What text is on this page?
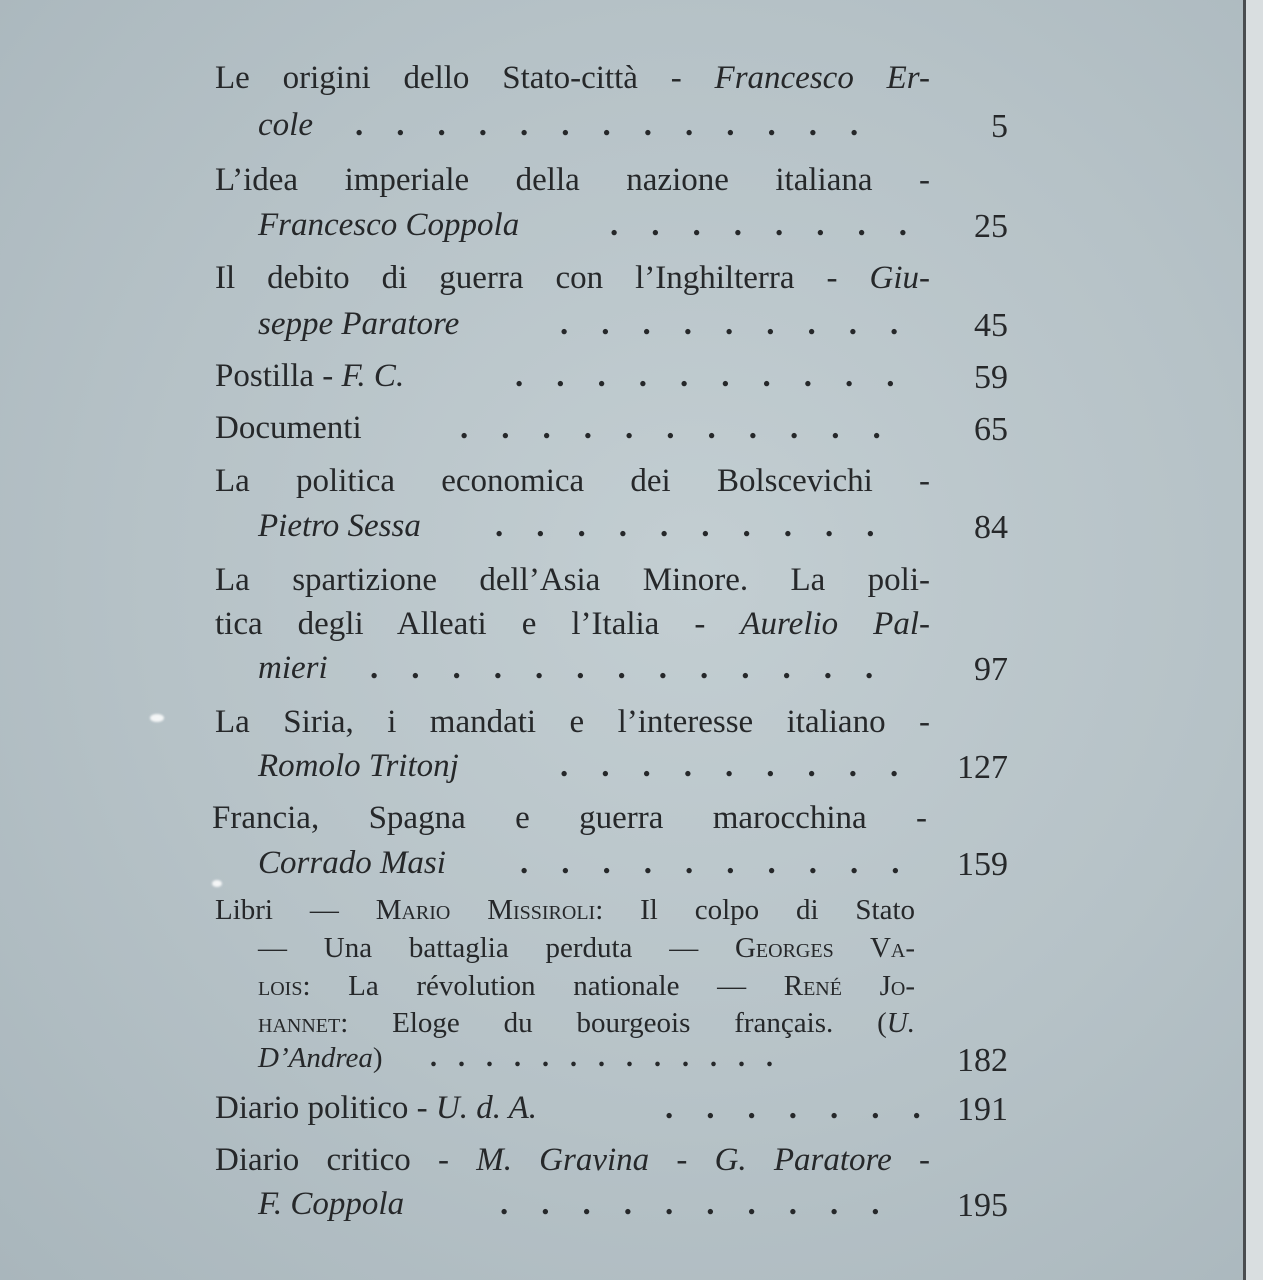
Le origini dello Stato-città - Francesco Er-
cole	.    .    .    .    .    .    .    .    .    .    .    .    .	5
L’idea imperiale della nazione italiana -
Francesco Coppola	.    .    .    .    .    .    .    .	25
Il debito di guerra con l’Inghilterra - Giu-
seppe Paratore	.    .    .    .    .    .    .    .    .	45
Postilla - F. C.	.    .    .    .    .    .    .    .    .    .	59
Documenti	.    .    .    .    .    .    .    .    .    .    .	65
La politica economica dei Bolscevichi -
Pietro Sessa	.    .    .    .    .    .    .    .    .    .	84
La spartizione dell’Asia Minore. La poli-
tica degli Alleati e l’Italia - Aurelio Pal-
mieri	.    .    .    .    .    .    .    .    .    .    .    .    .	97
La Siria, i mandati e l’interesse italiano -
Romolo Tritonj	.    .    .    .    .    .    .    .    .	127
Francia, Spagna e guerra marocchina -
Corrado Masi	.    .    .    .    .    .    .    .    .    .	159
Libri — Mario Missiroli: Il colpo di Stato
— Una battaglia perduta — Georges Va-
lois: La révolution nationale — René Jo-
hannet: Eloge du bourgeois français. (U.
D’Andrea)	.   .   .   .   .   .   .   .   .   .   .   .   .	182
Diario politico - U. d. A.	.    .    .    .    .    .    .	191
Diario critico - M. Gravina - G. Paratore -
F. Coppola	.    .    .    .    .    .    .    .    .    .	195
